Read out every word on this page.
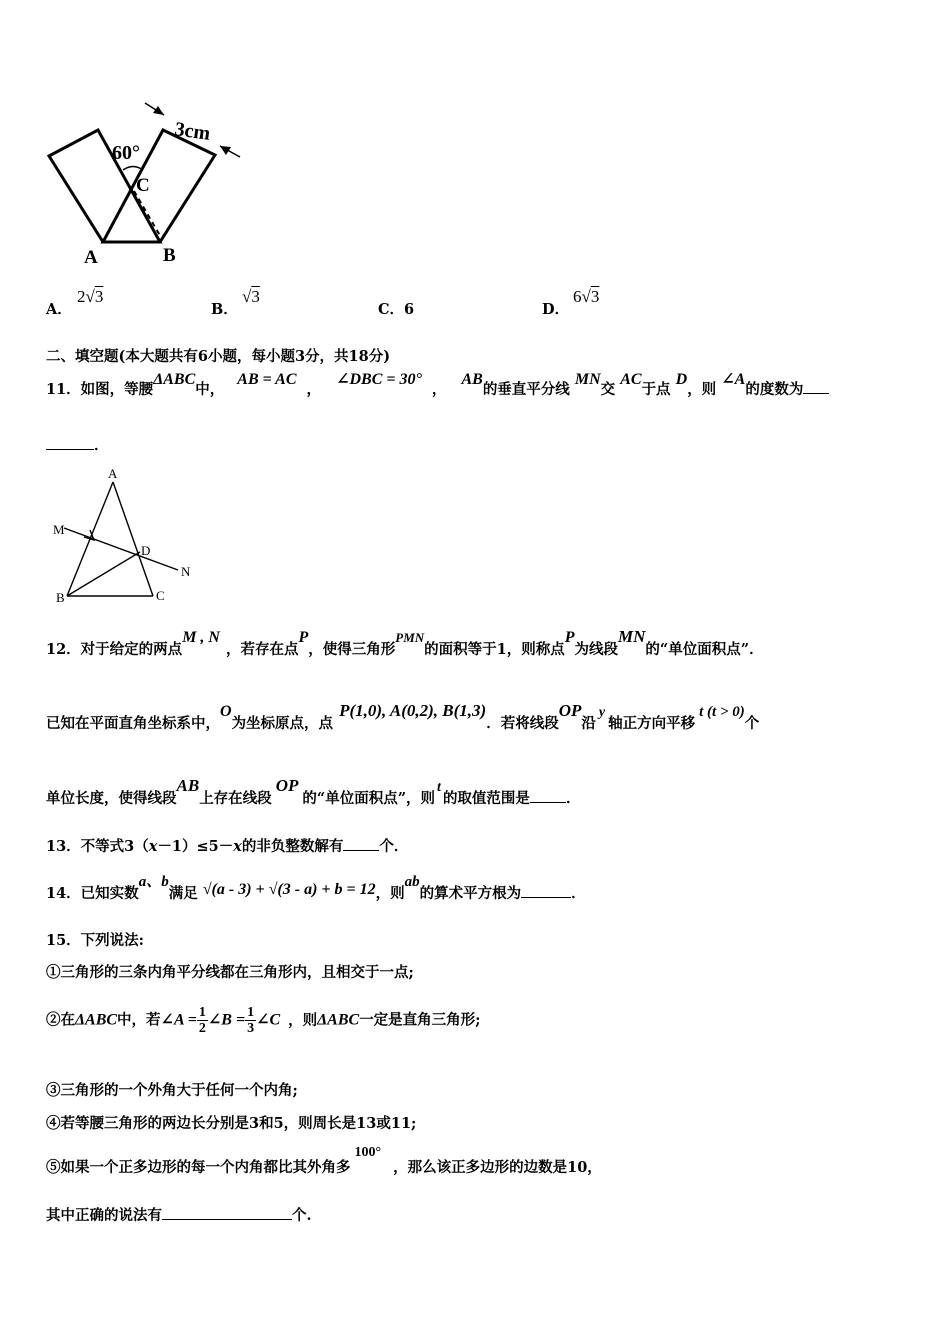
60°
3cm
C
A	B
A．
2√3
B．
√3
C．6	D．
6√3
二、填空题(本大题共有6小题，每小题3分，共18分)
11．如图，等腰ΔABC中， AB = AC， ∠DBC = 30°， AB的垂直平分线 MN交 AC于点 D，则 ∠A的度数为
．
A
M
D
N
B	C
12．对于给定的两点M , N，若存在点P，使得三角形PMN的面积等于1，则称点P为线段MN的“单位面积点”．
已知在平面直角坐标系中，O为坐标原点，点P(1,0), A(0,2), B(1,3)．若将线段OP沿y轴正方向平移t (t > 0)个
单位长度，使得线段AB上存在线段OP的“单位面积点”，则t的取值范围是 ．
13．不等式3（x－1）≤5－x的非负整数解有 个．
14．已知实数a、b满足 √(a - 3) + √(3 - a) + b = 12，则ab的算术平方根为	．
15．下列说法:
①三角形的三条内角平分线都在三角形内，且相交于一点;
②在ΔABC中，若∠A = $\frac{1}{2}$ ∠B = $\frac{1}{3}$ ∠C ，则ΔABC一定是直角三角形;
③三角形的一个外角大于任何一个内角;
④若等腰三角形的两边长分别是3和5，则周长是13或11;
⑤如果一个正多边形的每一个内角都比其外角多100°，那么该正多边形的边数是10，
其中正确的说法有	个.
